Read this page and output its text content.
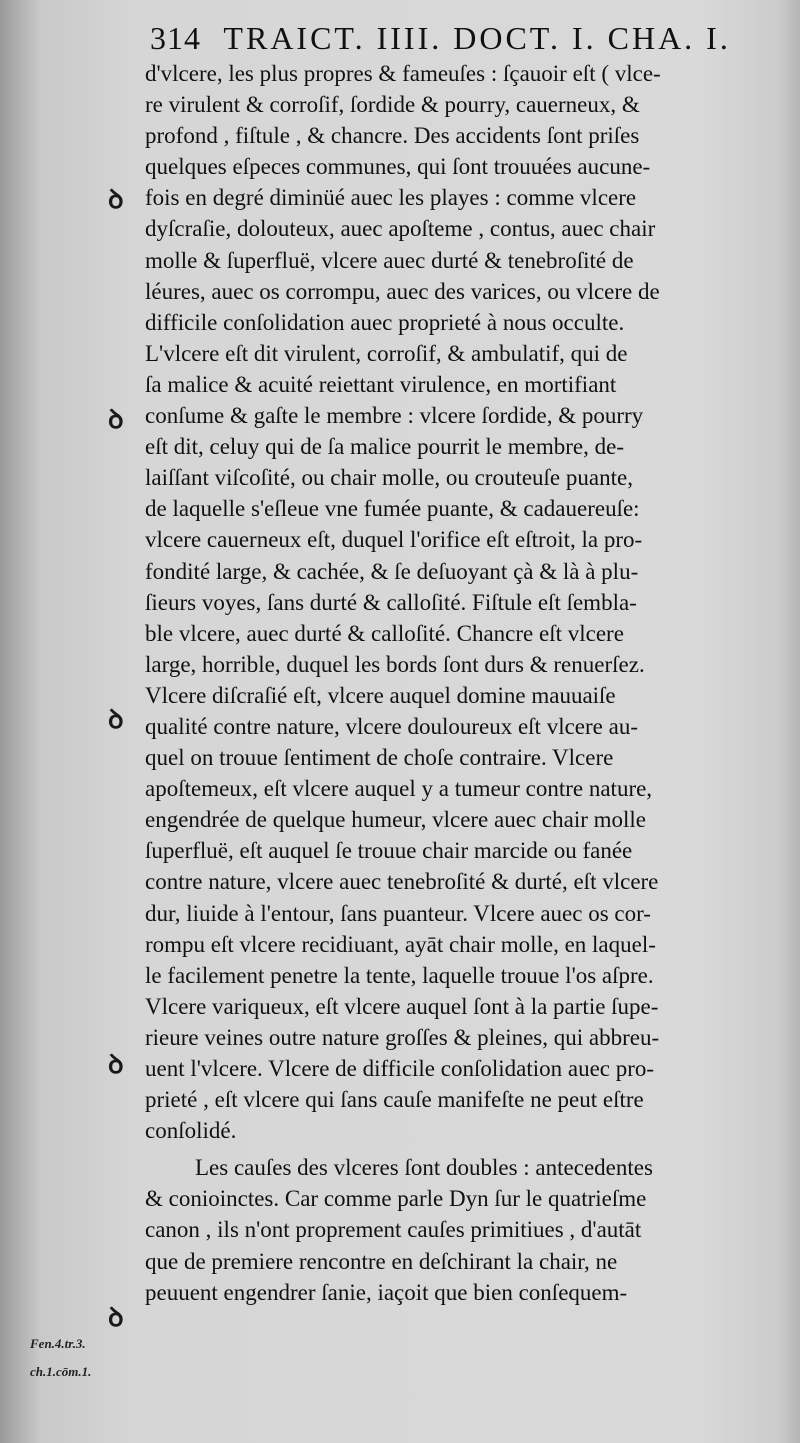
314 TRAICT. IIII. DOCT. I. CHA. I.
ꝺ
ꝺ
ꝺ
ꝺ
ꝺ
d'vlcere, les plus propres & fameuſes : ſçauoir eſt ( vlce-
re virulent & corroſif, ſordide & pourry, cauerneux, &
profond , fiſtule , & chancre. Des accidents ſont priſes
quelques eſpeces communes, qui ſont trouuées aucune-
fois en degré diminüé auec les playes : comme vlcere
dyſcraſie, dolouteux, auec apoſteme , contus, auec chair
molle & ſuperfluë, vlcere auec durté & tenebroſité de
léures, auec os corrompu, auec des varices, ou vlcere de
difficile conſolidation auec proprieté à nous occulte.
L'vlcere eſt dit virulent, corroſif, & ambulatif, qui de
ſa malice & acuité reiettant virulence, en mortifiant
conſume & gaſte le membre : vlcere ſordide, & pourry
eſt dit, celuy qui de ſa malice pourrit le membre, de-
laiſſant viſcoſité, ou chair molle, ou crouteuſe puante,
de laquelle s'eſleue vne fumée puante, & cadauereuſe:
vlcere cauerneux eſt, duquel l'orifice eſt eſtroit, la pro-
fondité large, & cachée, & ſe deſuoyant çà & là à plu-
ſieurs voyes, ſans durté & calloſité. Fiſtule eſt ſembla-
ble vlcere, auec durté & calloſité. Chancre eſt vlcere
large, horrible, duquel les bords ſont durs & renuerſez.
Vlcere diſcraſié eſt, vlcere auquel domine mauuaiſe
qualité contre nature, vlcere douloureux eſt vlcere au-
quel on trouue ſentiment de choſe contraire. Vlcere
apoſtemeux, eſt vlcere auquel y a tumeur contre nature,
engendrée de quelque humeur, vlcere auec chair molle
ſuperfluë, eſt auquel ſe trouue chair marcide ou fanée
contre nature, vlcere auec tenebroſité & durté, eſt vlcere
dur, liuide à l'entour, ſans puanteur. Vlcere auec os cor-
rompu eſt vlcere recidiuant, ayāt chair molle, en laquel-
le facilement penetre la tente, laquelle trouue l'os aſpre.
Vlcere variqueux, eſt vlcere auquel ſont à la partie ſupe-
rieure veines outre nature groſſes & pleines, qui abbreu-
uent l'vlcere. Vlcere de difficile conſolidation auec pro-
prieté , eſt vlcere qui ſans cauſe manifeſte ne peut eſtre
conſolidé.
Les cauſes des vlceres ſont doubles : antecedentes
& conioinctes. Car comme parle Dyn ſur le quatrieſme
canon , ils n'ont proprement cauſes primitiues , d'autāt
que de premiere rencontre en deſchirant la chair, ne
peuuent engendrer ſanie, iaçoit que bien conſequem-
Fen.4.tr.3.
ch.1.cōm.1.
